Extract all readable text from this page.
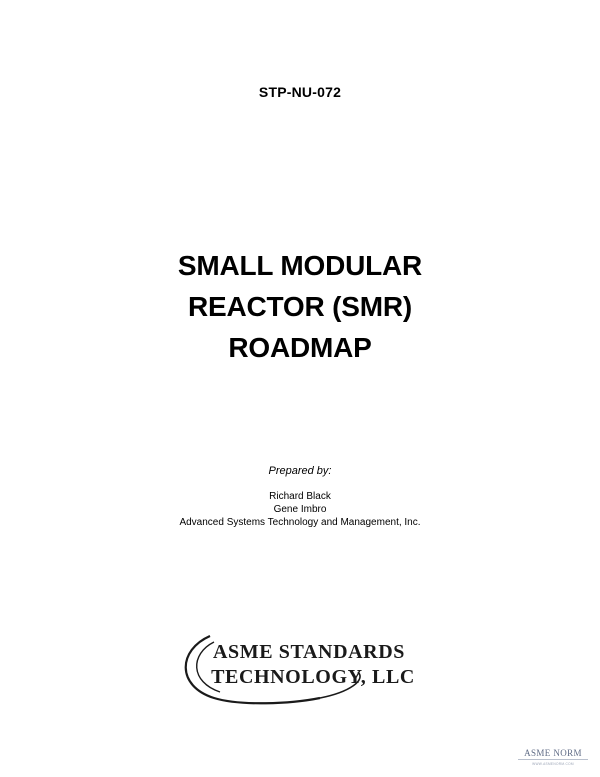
STP-NU-072
SMALL MODULAR
REACTOR (SMR)
ROADMAP
Prepared by:
Richard Black
Gene Imbro
Advanced Systems Technology and Management, Inc.
ASME STANDARDS
TECHNOLOGY, LLC
ASME NORM
WWW.ASMENORM.COM
